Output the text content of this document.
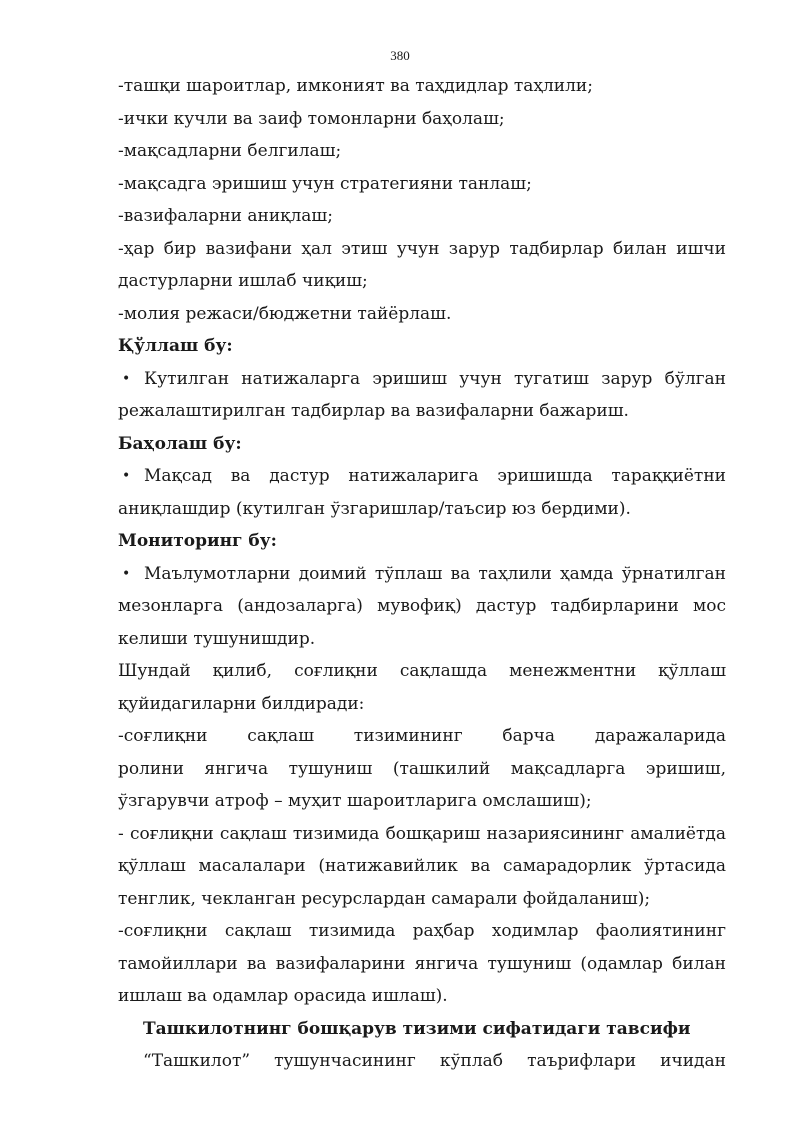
380
-ташқи шароитлар, имконият ва таҳдидлар таҳлили;
-ички кучли ва заиф томонларни баҳолаш;
-мақсадларни белгилаш;
-мақсадга эришиш учун стратегияни танлаш;
-вазифаларни аниқлаш;
-ҳар бир вазифани ҳал этиш учун зарур тадбирлар билан ишчи
дастурларни ишлаб чиқиш;
-молия режаси/бюджетни тайёрлаш.
Қўллаш бу:
• Кутилган натижаларга эришиш учун тугатиш зарур бўлган
режалаштирилган тадбирлар ва вазифаларни бажариш.
Баҳолаш бу:
• Мақсад ва дастур натижаларига эришишда тараққиётни
аниқлашдир (кутилган ўзгаришлар/таъсир юз бердими).
Мониторинг бу:
• Маълумотларни доимий тўплаш ва таҳлили ҳамда ўрнатилган
мезонларга (андозаларга) мувофиқ) дастур тадбирларини мос
келиши тушунишдир.
Шундай қилиб, соғлиқни сақлашда менежментни қўллаш
қуйидагиларни билдиради:
-соғлиқни сақлаш тизимининг барча даражаларида
ролини янгича тушуниш (ташкилий мақсадларга эришиш,
ўзгарувчи атроф – муҳит шароитларига омслашиш);
- соғлиқни сақлаш тизимида бошқариш назариясининг амалиётда
қўллаш масалалари (натижавийлик ва самарадорлик ўртасида
тенглик, чекланган ресурслардан самарали фойдаланиш);
-соғлиқни сақлаш тизимида раҳбар ходимлар фаолиятининг
тамойиллари ва вазифаларини янгича тушуниш (одамлар билан
ишлаш ва одамлар орасида ишлаш).
Ташкилотнинг бошқарув тизими сифатидаги тавсифи
“Ташкилот” тушунчасининг кўплаб таърифлари ичидан
